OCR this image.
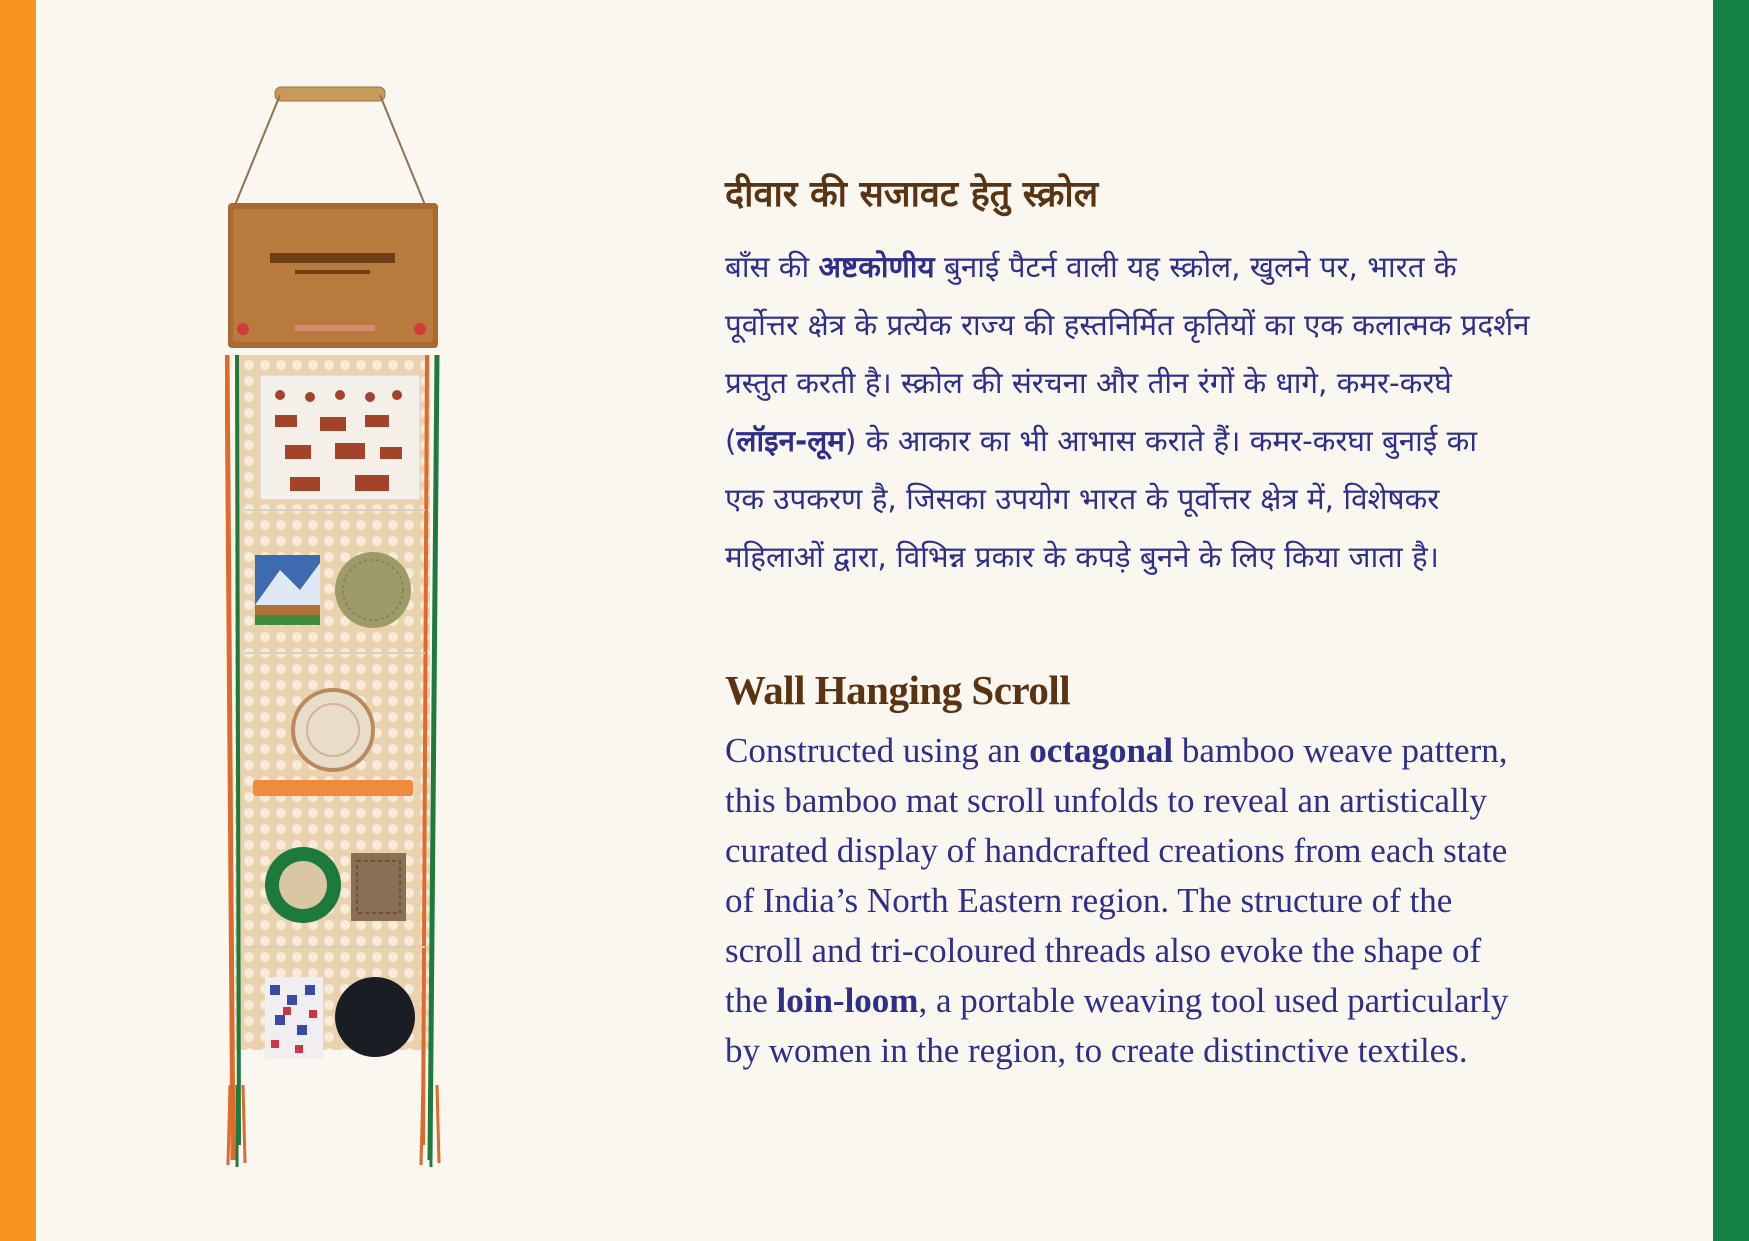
दीवार की सजावट हेतु स्क्रोल

बाँस की अष्टकोणीय बुनाई पैटर्न वाली यह स्क्रोल, खुलने पर, भारत के
पूर्वोत्तर क्षेत्र के प्रत्येक राज्य की हस्तनिर्मित कृतियों का एक कलात्मक प्रदर्शन
प्रस्तुत करती है। स्क्रोल की संरचना और तीन रंगों के धागे, कमर-करघे
(लॉइन-लूम) के आकार का भी आभास कराते हैं। कमर-करघा बुनाई का
एक उपकरण है, जिसका उपयोग भारत के पूर्वोत्तर क्षेत्र में, विशेषकर
महिलाओं द्वारा, विभिन्न प्रकार के कपड़े बुनने के लिए किया जाता है।

Wall Hanging Scroll

Constructed using an octagonal bamboo weave pattern,
this bamboo mat scroll unfolds to reveal an artistically
curated display of handcrafted creations from each state
of India’s North Eastern region. The structure of the
scroll and tri-coloured threads also evoke the shape of
the loin-loom, a portable weaving tool used particularly
by women in the region, to create distinctive textiles.
